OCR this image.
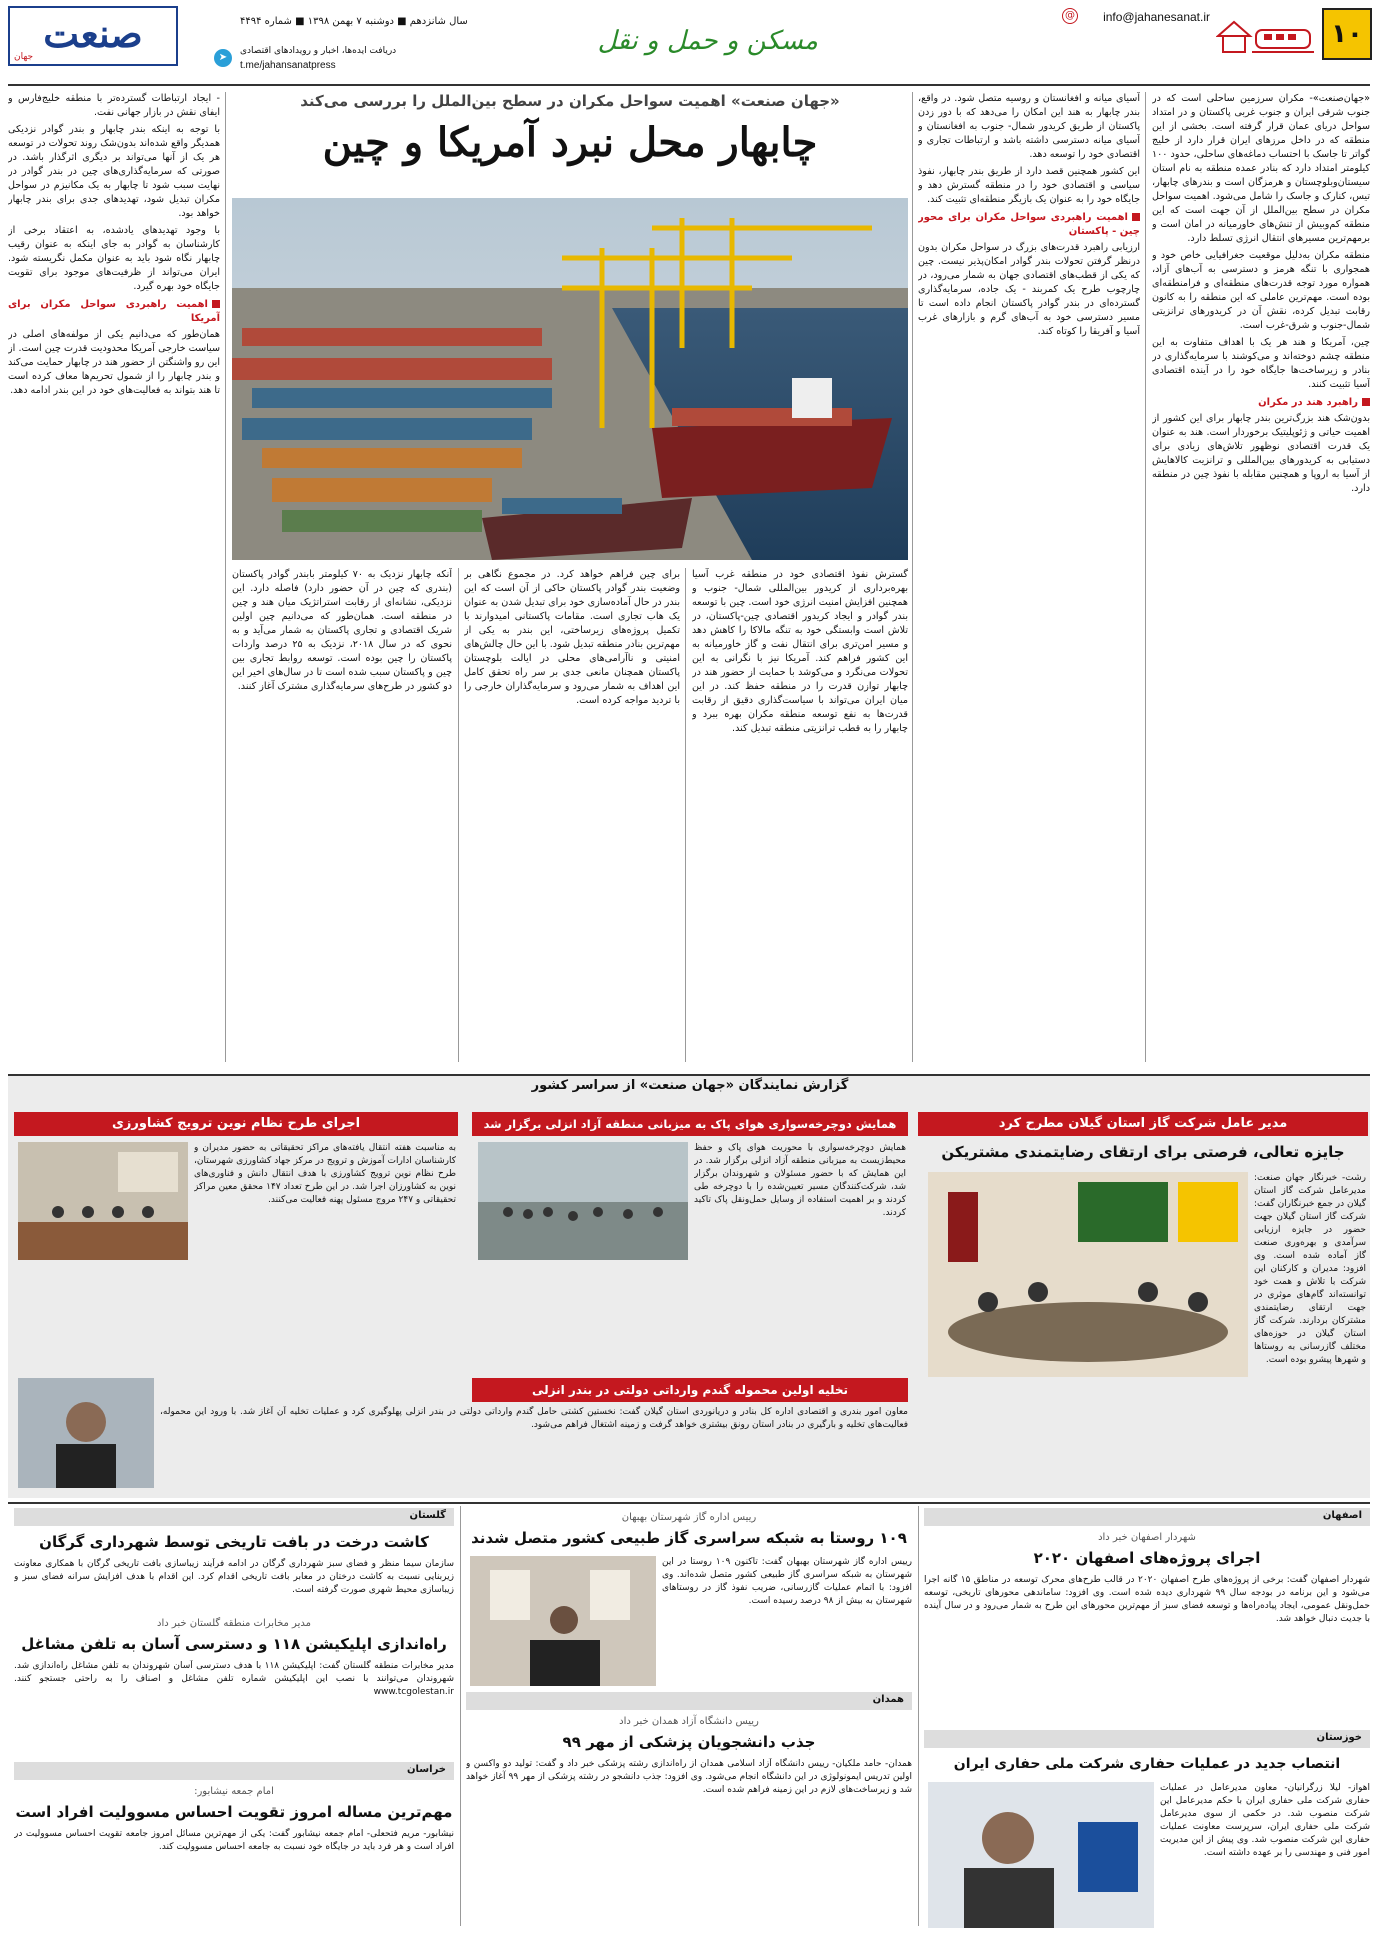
۱۰
info@jahanesanat.ir
@
مسکن و حمل و نقل
سال شانزدهم ■ دوشنبه ۷ بهمن ۱۳۹۸ ■ شماره ۴۴۹۴
دریافت ایده‌ها، اخبار و رویدادهای اقتصادی
➤
t.me/jahansanatpress
صنعت
جهان
«جهان صنعت» اهمیت سواحل مکران در سطح بین‌الملل را بررسی می‌کند
چابهار محل نبرد آمریکا و چین

«جهان‌صنعت»- مکران سرزمین ساحلی است که در جنوب شرقی ایران و جنوب غربی پاکستان و در امتداد سواحل دریای عمان قرار گرفته است. بخشی از این منطقه که در داخل مرزهای ایران قرار دارد از خلیج گواتر تا جاسک با احتساب دماغه‌های ساحلی، حدود ۱۰۰ کیلومتر امتداد دارد که بنادر عمده منطقه به نام استان سیستان‌وبلوچستان و هرمزگان است و بندرهای چابهار، تیس، کنارک و جاسک را شامل می‌شود. اهمیت سواحل مکران در سطح بین‌الملل از آن جهت است که این منطقه کم‌وبیش از تنش‌های خاورمیانه در امان است و برمهم‌ترین مسیرهای انتقال انرژی تسلط دارد.

منطقه مکران به‌دلیل موقعیت جغرافیایی خاص خود و همجواری با تنگه هرمز و دسترسی به آب‌های آزاد، همواره مورد توجه قدرت‌های منطقه‌ای و فرامنطقه‌ای بوده است. مهم‌ترین عاملی که این منطقه را به کانون رقابت تبدیل کرده، نقش آن در کریدورهای ترانزیتی شمال-جنوب و شرق-غرب است.

چین، آمریکا و هند هر یک با اهداف متفاوت به این منطقه چشم دوخته‌اند و می‌کوشند با سرمایه‌گذاری در بنادر و زیرساخت‌ها جایگاه خود را در آینده اقتصادی آسیا تثبیت کنند.

راهبرد هند در مکران

بدون‌شک هند بزرگ‌ترین بندر چابهار برای این کشور از اهمیت حیاتی و ژئوپلیتیک برخوردار است. هند به عنوان یک قدرت اقتصادی نوظهور تلاش‌های زیادی برای دستیابی به کریدورهای بین‌المللی و ترانزیت کالاهایش از آسیا به اروپا و همچنین مقابله با نفوذ چین در منطقه دارد.

آسیای میانه و افغانستان و روسیه متصل شود. در واقع، بندر چابهار به هند این امکان را می‌دهد که با دور زدن پاکستان از طریق کریدور شمال- جنوب به افغانستان و آسیای میانه دسترسی داشته باشد و ارتباطات تجاری و اقتصادی خود را توسعه دهد.

این کشور همچنین قصد دارد از طریق بندر چابهار، نفوذ سیاسی و اقتصادی خود را در منطقه گسترش دهد و جایگاه خود را به عنوان یک بازیگر منطقه‌ای تثبیت کند.

اهمیت راهبردی سواحل مکران برای محور چین - پاکستان

ارزیابی راهبرد قدرت‌های بزرگ در سواحل مکران بدون درنظر گرفتن تحولات بندر گوادر امکان‌پذیر نیست. چین که یکی از قطب‌های اقتصادی جهان به شمار می‌رود، در چارچوب طرح یک کمربند - یک جاده، سرمایه‌گذاری گسترده‌ای در بندر گوادر پاکستان انجام داده است تا مسیر دسترسی خود به آب‌های گرم و بازارهای غرب آسیا و آفریقا را کوتاه کند.

گسترش نفوذ اقتصادی خود در منطقه غرب آسیا بهره‌برداری از کریدور بین‌المللی شمال- جنوب و همچنین افزایش امنیت انرژی خود است. چین با توسعه بندر گوادر و ایجاد کریدور اقتصادی چین-پاکستان، در تلاش است وابستگی خود به تنگه مالاکا را کاهش دهد و مسیر امن‌تری برای انتقال نفت و گاز خاورمیانه به این کشور فراهم کند. آمریکا نیز با نگرانی به این تحولات می‌نگرد و می‌کوشد با حمایت از حضور هند در چابهار توازن قدرت را در منطقه حفظ کند. در این میان ایران می‌تواند با سیاست‌گذاری دقیق از رقابت قدرت‌ها به نفع توسعه منطقه مکران بهره ببرد و چابهار را به قطب ترانزیتی منطقه تبدیل کند.

برای چین فراهم خواهد کرد. در مجموع نگاهی بر وضعیت بندر گوادر پاکستان حاکی از آن است که این بندر در حال آماده‌سازی خود برای تبدیل شدن به عنوان یک هاب تجاری است. مقامات پاکستانی امیدوارند با تکمیل پروژه‌های زیرساختی، این بندر به یکی از مهم‌ترین بنادر منطقه تبدیل شود. با این حال چالش‌های امنیتی و ناآرامی‌های محلی در ایالت بلوچستان پاکستان همچنان مانعی جدی بر سر راه تحقق کامل این اهداف به شمار می‌رود و سرمایه‌گذاران خارجی را با تردید مواجه کرده است.

آنکه چابهار نزدیک به ۷۰ کیلومتر بابندر گوادر پاکستان (بندری که چین در آن حضور دارد) فاصله دارد. این نزدیکی، نشانه‌ای از رقابت استراتژیک میان هند و چین در منطقه است. همان‌طور که می‌دانیم چین اولین شریک اقتصادی و تجاری پاکستان به شمار می‌آید و به نحوی که در سال ۲۰۱۸، نزدیک به ۲۵ درصد واردات پاکستان را چین بوده است. توسعه روابط تجاری بین چین و پاکستان سبب شده است تا در سال‌های اخیر این دو کشور در طرح‌های سرمایه‌گذاری مشترک آغاز کنند.

- ایجاد ارتباطات گسترده‌تر با منطقه خلیج‌فارس و ایفای نقش در بازار جهانی نفت.

با توجه به اینکه بندر چابهار و بندر گوادر نزدیکی همدیگر واقع شده‌اند بدون‌شک روند تحولات در توسعه هر یک از آنها می‌تواند بر دیگری اثرگذار باشد. در صورتی که سرمایه‌گذاری‌های چین در بندر گوادر در نهایت سبب شود تا چابهار به یک مکانیزم در سواحل مکران تبدیل شود، تهدیدهای جدی برای بندر چابهار خواهد بود.

با وجود تهدیدهای یادشده، به اعتقاد برخی از کارشناسان به گوادر به جای اینکه به عنوان رقیب چابهار نگاه شود باید به عنوان مکمل نگریسته شود. ایران می‌تواند از ظرفیت‌های موجود برای تقویت جایگاه خود بهره گیرد.

اهمیت راهبردی سواحل مکران برای آمریکا

همان‌طور که می‌دانیم یکی از مولفه‌های اصلی در سیاست خارجی آمریکا محدودیت قدرت چین است. از این رو واشنگتن از حضور هند در چابهار حمایت می‌کند و بندر چابهار را از شمول تحریم‌ها معاف کرده است تا هند بتواند به فعالیت‌های خود در این بندر ادامه دهد.

گزارش نمایندگان «جهان صنعت» از سراسر کشور
مدیر عامل شرکت گاز استان گیلان مطرح کرد
جایزه تعالی، فرصتی برای ارتقای رضایتمندی مشتریکن
رشت- خبرنگار جهان صنعت: مدیرعامل شرکت گاز استان گیلان در جمع خبرنگاران گفت: شرکت گاز استان گیلان جهت حضور در جایزه ارزیابی سرآمدی و بهره‌وری صنعت گاز آماده شده است. وی افزود: مدیران و کارکنان این شرکت با تلاش و همت خود توانسته‌اند گام‌های موثری در جهت ارتقای رضایتمندی مشترکان بردارند. شرکت گاز استان گیلان در حوزه‌های مختلف گازرسانی به روستاها و شهرها پیشرو بوده است.
همایش دوچرخه‌سواری هوای پاک به میزبانی منطقه آزاد انزلی برگزار شد
همایش دوچرخه‌سواری با محوریت هوای پاک و حفظ محیط‌زیست به میزبانی منطقه آزاد انزلی برگزار شد. در این همایش که با حضور مسئولان و شهروندان برگزار شد، شرکت‌کنندگان مسیر تعیین‌شده را با دوچرخه طی کردند و بر اهمیت استفاده از وسایل حمل‌ونقل پاک تاکید کردند.
اجرای طرح نظام نوین ترویج کشاورزی
به مناسبت هفته انتقال یافته‌های مراکز تحقیقاتی به حضور مدیران و کارشناسان ادارات آموزش و ترویج در مرکز جهاد کشاورزی شهرستان، طرح نظام نوین ترویج کشاورزی با هدف انتقال دانش و فناوری‌های نوین به کشاورزان اجرا شد. در این طرح تعداد ۱۴۷ محقق معین مراکز تحقیقاتی و ۲۴۷ مروج مسئول پهنه فعالیت می‌کنند.
تخلیه اولین محموله گندم وارداتی دولتی در بندر انزلی
معاون امور بندری و اقتصادی اداره کل بنادر و دریانوردی استان گیلان گفت: نخستین کشتی حامل گندم وارداتی دولتی در بندر انزلی پهلوگیری کرد و عملیات تخلیه آن آغاز شد. با ورود این محموله، فعالیت‌های تخلیه و بارگیری در بنادر استان رونق بیشتری خواهد گرفت و زمینه اشتغال فراهم می‌شود.
اصفهان
شهردار اصفهان خبر داد
اجرای پروژه‌های اصفهان ۲۰۲۰
شهردار اصفهان گفت: برخی از پروژه‌های طرح اصفهان ۲۰۲۰ در قالب طرح‌های محرک توسعه در مناطق ۱۵ گانه اجرا می‌شود و این برنامه در بودجه سال ۹۹ شهرداری دیده شده است. وی افزود: ساماندهی محورهای تاریخی، توسعه حمل‌ونقل عمومی، ایجاد پیاده‌راه‌ها و توسعه فضای سبز از مهم‌ترین محورهای این طرح به شمار می‌رود و در سال آینده با جدیت دنبال خواهد شد.
خوزستان
انتصاب جدید در عملیات حفاری شرکت ملی حفاری ایران
اهواز- لیلا زرگرانیان- معاون مدیرعامل در عملیات حفاری شرکت ملی حفاری ایران با حکم مدیرعامل این شرکت منصوب شد. در حکمی از سوی مدیرعامل شرکت ملی حفاری ایران، سرپرست معاونت عملیات حفاری این شرکت منصوب شد. وی پیش از این مدیریت امور فنی و مهندسی را بر عهده داشته است.
رییس اداره گاز شهرستان بهبهان
۱۰۹ روستا به شبکه سراسری گاز طبیعی کشور متصل شدند
رییس اداره گاز شهرستان بهبهان گفت: تاکنون ۱۰۹ روستا در این شهرستان به شبکه سراسری گاز طبیعی کشور متصل شده‌اند. وی افزود: با اتمام عملیات گازرسانی، ضریب نفوذ گاز در روستاهای شهرستان به بیش از ۹۸ درصد رسیده است.
همدان
رییس دانشگاه آزاد همدان خبر داد
جذب دانشجویان پزشکی از مهر ۹۹
همدان- حامد ملکیان- رییس دانشگاه آزاد اسلامی همدان از راه‌اندازی رشته پزشکی خبر داد و گفت: تولید دو واکسن و اولین تدریس ایمونولوژی در این دانشگاه انجام می‌شود. وی افزود: جذب دانشجو در رشته پزشکی از مهر ۹۹ آغاز خواهد شد و زیرساخت‌های لازم در این زمینه فراهم شده است.
گلستان
کاشت درخت در بافت تاریخی توسط شهرداری گرگان
سازمان سیما منظر و فضای سبز شهرداری گرگان در ادامه فرآیند زیباسازی بافت تاریخی گرگان با همکاری معاونت زیربنایی نسبت به کاشت درختان در معابر بافت تاریخی اقدام کرد. این اقدام با هدف افزایش سرانه فضای سبز و زیباسازی محیط شهری صورت گرفته است.
مدیر مخابرات منطقه گلستان خبر داد
راه‌اندازی اپلیکیشن ۱۱۸ و دسترسی آسان به تلفن مشاغل
مدیر مخابرات منطقه گلستان گفت: اپلیکیشن ۱۱۸ با هدف دسترسی آسان شهروندان به تلفن مشاغل راه‌اندازی شد. شهروندان می‌توانند با نصب این اپلیکیشن شماره تلفن مشاغل و اصناف را به راحتی جستجو کنند. www.tcgolestan.ir
خراسان
امام جمعه نیشابور:
مهم‌ترین مساله امروز تقویت احساس مسوولیت افراد است
نیشابور- مریم فتحعلی- امام جمعه نیشابور گفت: یکی از مهم‌ترین مسائل امروز جامعه تقویت احساس مسوولیت در افراد است و هر فرد باید در جایگاه خود نسبت به جامعه احساس مسوولیت کند.
